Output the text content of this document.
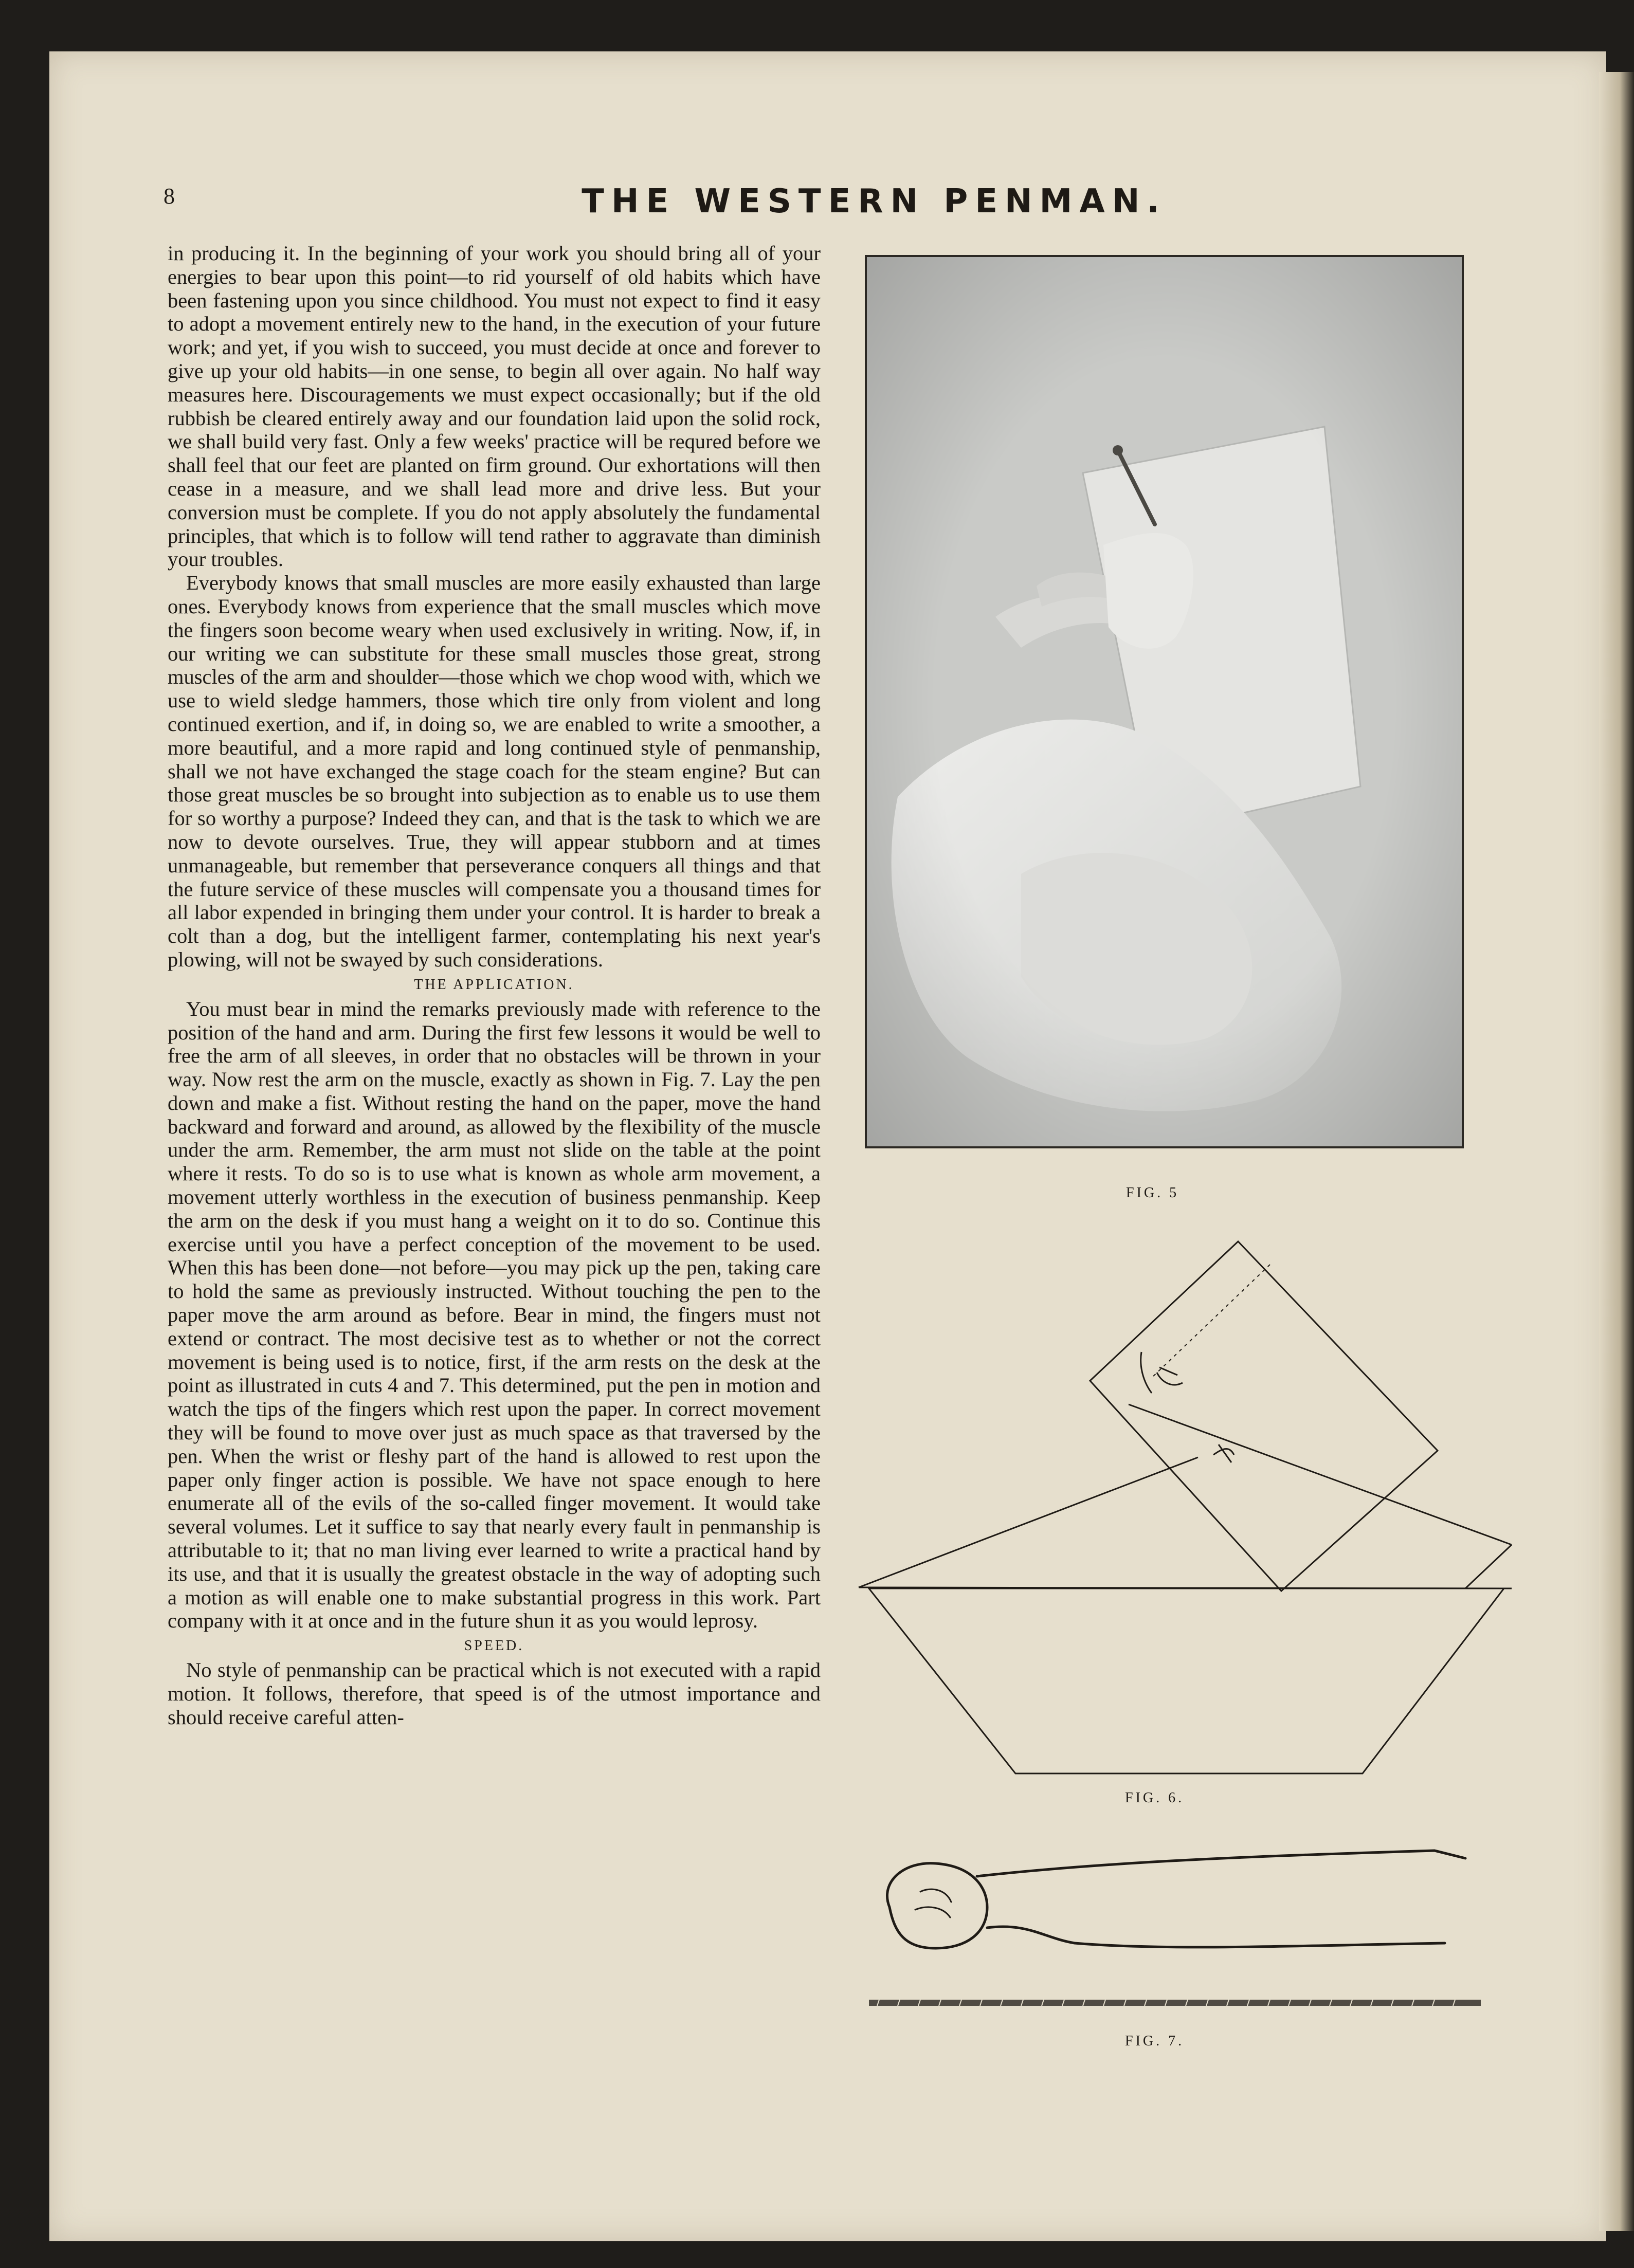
8	THE WESTERN PENMAN.

in producing it. In the beginning of your work you should bring all of your energies to bear upon this point—to rid yourself of old habits which have been fastening upon you since childhood. You must not expect to find it easy to adopt a movement entirely new to the hand, in the execution of your future work; and yet, if you wish to succeed, you must decide at once and forever to give up your old habits—in one sense, to begin all over again. No half way measures here. Discouragements we must expect occasionally; but if the old rubbish be cleared entirely away and our foundation laid upon the solid rock, we shall build very fast. Only a few weeks' practice will be requred before we shall feel that our feet are planted on firm ground. Our exhortations will then cease in a measure, and we shall lead more and drive less. But your conversion must be complete. If you do not apply absolutely the fundamental principles, that which is to follow will tend rather to aggravate than diminish your troubles.

Everybody knows that small muscles are more easily exhausted than large ones. Everybody knows from experience that the small muscles which move the fingers soon become weary when used exclusively in writing. Now, if, in our writing we can substitute for these small muscles those great, strong muscles of the arm and shoulder—those which we chop wood with, which we use to wield sledge hammers, those which tire only from violent and long continued exertion, and if, in doing so, we are enabled to write a smoother, a more beautiful, and a more rapid and long continued style of penmanship, shall we not have exchanged the stage coach for the steam engine? But can those great muscles be so brought into subjection as to enable us to use them for so worthy a purpose? Indeed they can, and that is the task to which we are now to devote ourselves. True, they will appear stubborn and at times unmanageable, but remember that perseverance conquers all things and that the future service of these muscles will compensate you a thousand times for all labor expended in bringing them under your control. It is harder to break a colt than a dog, but the intelligent farmer, contemplating his next year's plowing, will not be swayed by such considerations.

THE APPLICATION.

You must bear in mind the remarks previously made with reference to the position of the hand and arm. During the first few lessons it would be well to free the arm of all sleeves, in order that no obstacles will be thrown in your way. Now rest the arm on the muscle, exactly as shown in Fig. 7. Lay the pen down and make a fist. Without resting the hand on the paper, move the hand backward and forward and around, as allowed by the flexibility of the muscle under the arm. Remember, the arm must not slide on the table at the point where it rests. To do so is to use what is known as whole arm movement, a movement utterly worthless in the execution of business penmanship. Keep the arm on the desk if you must hang a weight on it to do so. Continue this exercise until you have a perfect conception of the movement to be used. When this has been done—not before—you may pick up the pen, taking care to hold the same as previously instructed. Without touching the pen to the paper move the arm around as before. Bear in mind, the fingers must not extend or contract. The most decisive test as to whether or not the correct movement is being used is to notice, first, if the arm rests on the desk at the point as illustrated in cuts 4 and 7. This determined, put the pen in motion and watch the tips of the fingers which rest upon the paper. In correct movement they will be found to move over just as much space as that traversed by the pen. When the wrist or fleshy part of the hand is allowed to rest upon the paper only finger action is possible. We have not space enough to here enumerate all of the evils of the so-called finger movement. It would take several volumes. Let it suffice to say that nearly every fault in penmanship is attributable to it; that no man living ever learned to write a practical hand by its use, and that it is usually the greatest obstacle in the way of adopting such a motion as will enable one to make substantial progress in this work. Part company with it at once and in the future shun it as you would leprosy.

SPEED.

No style of penmanship can be practical which is not executed with a rapid motion. It follows, therefore, that speed is of the utmost importance and should receive careful atten-

FIG. 5
FIG. 6.
FIG. 7.
